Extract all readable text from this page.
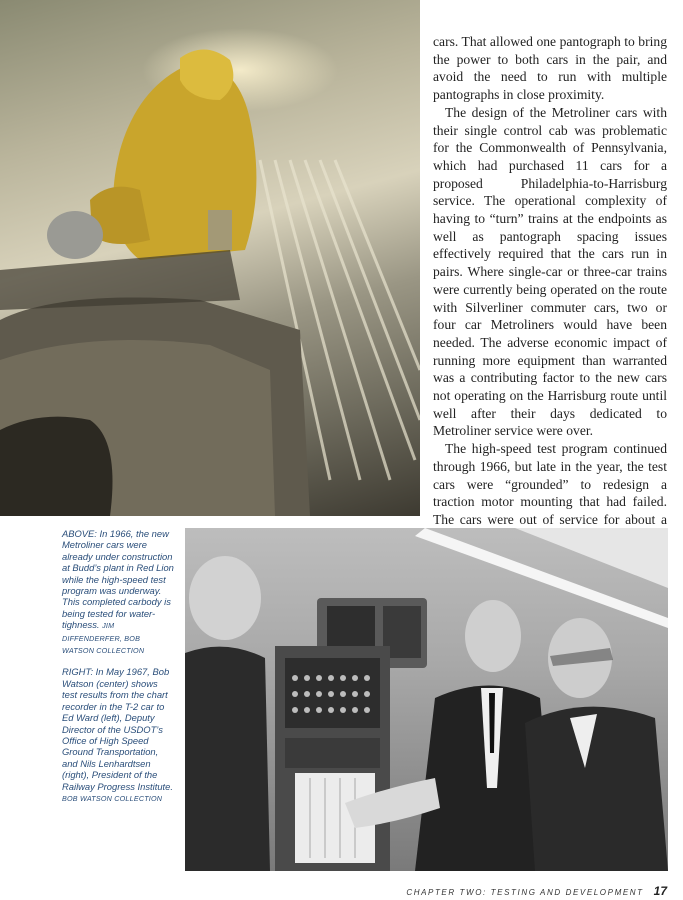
cars. That allowed one pantograph to bring the power to both cars in the pair, and avoid the need to run with multiple pantographs in close proximity.

The design of the Metroliner cars with their single control cab was problematic for the Commonwealth of Pennsylvania, which had purchased 11 cars for a proposed Philadelphia-to-Harrisburg service. The operational complexity of having to “turn” trains at the endpoints as well as pantograph spacing issues effectively required that the cars run in pairs. Where single-car or three-car trains were currently being operated on the route with Silverliner commuter cars, two or four car Metroliners would have been needed. The adverse economic impact of running more equipment than warranted was a contributing factor to the new cars not operating on the Harrisburg route until well after their days dedicated to Metroliner service were over.

The high-speed test program continued through 1966, but late in the year, the test cars were “grounded” to redesign a traction motor mounting that had failed. The cars were out of service for about a

ABOVE: In 1966, the new Metroliner cars were already under construction at Budd’s plant in Red Lion while the high-speed test program was underway. This completed carbody is being tested for water-tighness. JIM DIFFENDERFER, BOB WATSON COLLECTION

RIGHT: In May 1967, Bob Watson (center) shows test results from the chart recorder in the T-2 car to Ed Ward (left), Deputy Director of the USDOT’s Office of High Speed Ground Transportation, and Nils Lenhardtsen (right), President of the Railway Progress Institute. BOB WATSON COLLECTION

CHAPTER TWO: TESTING AND DEVELOPMENT 17
